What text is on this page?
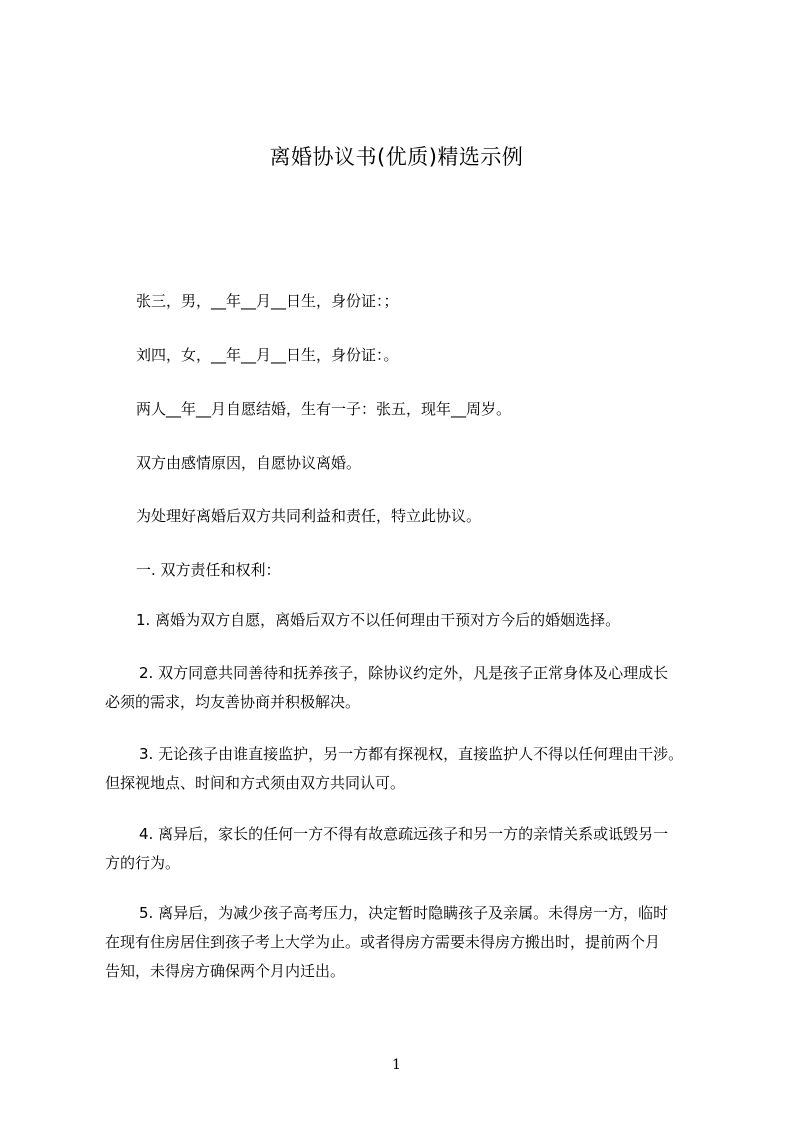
离婚协议书(优质)精选示例
张三，男，__年__月__日生，身份证：；
刘四，女，__年__月__日生，身份证：。
两人__年__月自愿结婚，生有一子：张五，现年__周岁。
双方由感情原因，自愿协议离婚。
为处理好离婚后双方共同利益和责任，特立此协议。
一. 双方责任和权利：
1. 离婚为双方自愿，离婚后双方不以任何理由干预对方今后的婚姻选择。
2. 双方同意共同善待和抚养孩子，除协议约定外，凡是孩子正常身体及心理成长
必须的需求，均友善协商并积极解决。
3. 无论孩子由谁直接监护，另一方都有探视权，直接监护人不得以任何理由干涉。
但探视地点、时间和方式须由双方共同认可。
4. 离异后，家长的任何一方不得有故意疏远孩子和另一方的亲情关系或诋毁另一
方的行为。
5. 离异后，为减少孩子高考压力，决定暂时隐瞒孩子及亲属。未得房一方，临时
在现有住房居住到孩子考上大学为止。或者得房方需要未得房方搬出时，提前两个月
告知，未得房方确保两个月内迁出。
1
